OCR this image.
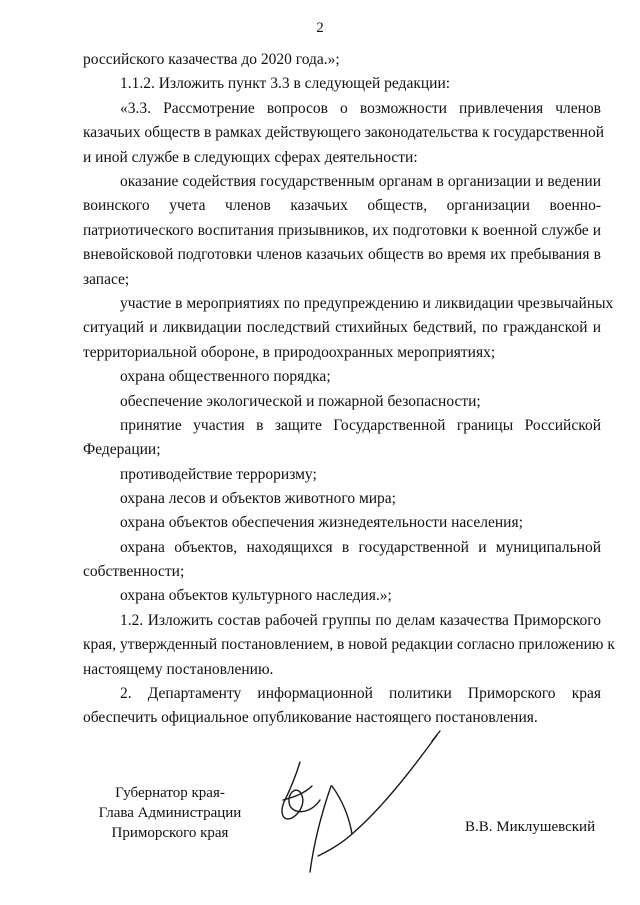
2
российского казачества до 2020 года.»;
1.1.2. Изложить пункт 3.3 в следующей редакции:
«3.3. Рассмотрение вопросов о возможности привлечения членов
казачьих обществ в рамках действующего законодательства к государственной
и иной службе в следующих сферах деятельности:
оказание содействия государственным органам в организации и ведении
воинского учета членов казачьих обществ, организации военно-
патриотического воспитания призывников, их подготовки к военной службе и
вневойсковой подготовки членов казачьих обществ во время их пребывания в
запасе;
участие в мероприятиях по предупреждению и ликвидации чрезвычайных
ситуаций и ликвидации последствий стихийных бедствий, по гражданской и
территориальной обороне, в природоохранных мероприятиях;
охрана общественного порядка;
обеспечение экологической и пожарной безопасности;
принятие участия в защите Государственной границы Российской
Федерации;
противодействие терроризму;
охрана лесов и объектов животного мира;
охрана объектов обеспечения жизнедеятельности населения;
охрана объектов, находящихся в государственной и муниципальной
собственности;
охрана объектов культурного наследия.»;
1.2. Изложить состав рабочей группы по делам казачества Приморского
края, утвержденный постановлением, в новой редакции согласно приложению к
настоящему постановлению.
2. Департаменту информационной политики Приморского края
обеспечить официальное опубликование настоящего постановления.
Губернатор края-
Глава Администрации
Приморского края	В.В. Миклушевский
